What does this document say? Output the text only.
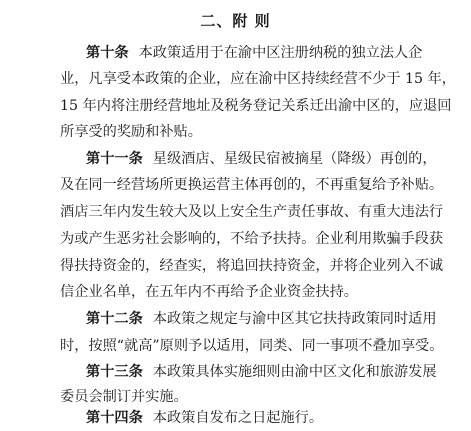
二、附 则
第十条 本政策适用于在渝中区注册纳税的独立法人企
业，凡享受本政策的企业，应在渝中区持续经营不少于 15 年，
15 年内将注册经营地址及税务登记关系迁出渝中区的，应退回
所享受的奖励和补贴。
第十一条 星级酒店、星级民宿被摘星（降级）再创的，
及在同一经营场所更换运营主体再创的，不再重复给予补贴。
酒店三年内发生较大及以上安全生产责任事故、有重大违法行
为或产生恶劣社会影响的，不给予扶持。企业利用欺骗手段获
得扶持资金的，经查实，将追回扶持资金，并将企业列入不诚
信企业名单，在五年内不再给予企业资金扶持。
第十二条 本政策之规定与渝中区其它扶持政策同时适用
时，按照“就高”原则予以适用，同类、同一事项不叠加享受。
第十三条 本政策具体实施细则由渝中区文化和旅游发展
委员会制订并实施。
第十四条 本政策自发布之日起施行。
